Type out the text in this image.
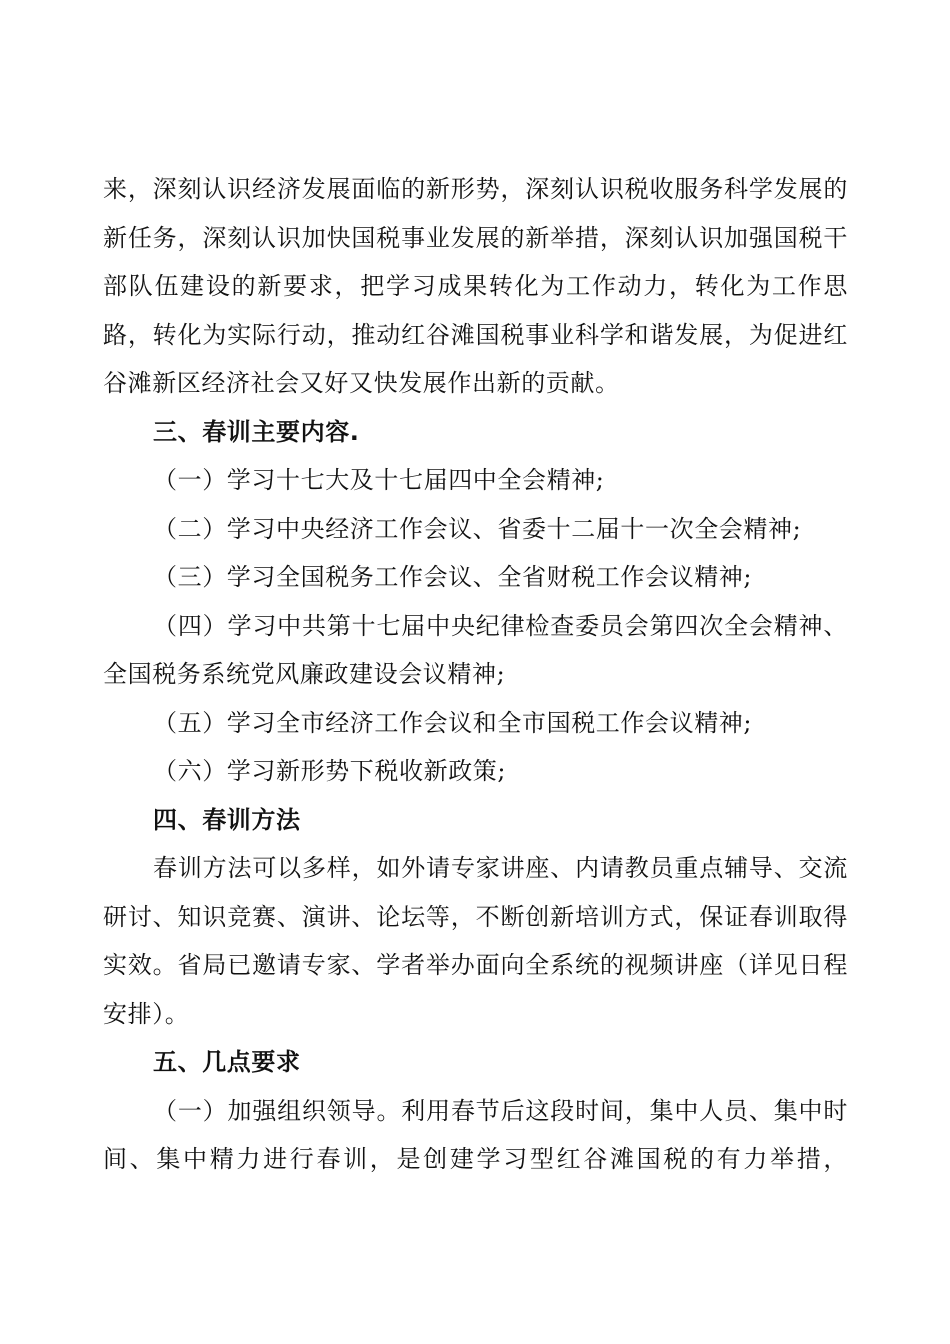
来，深刻认识经济发展面临的新形势，深刻认识税收服务科学发展的新任务，深刻认识加快国税事业发展的新举措，深刻认识加强国税干部队伍建设的新要求，把学习成果转化为工作动力，转化为工作思路，转化为实际行动，推动红谷滩国税事业科学和谐发展，为促进红谷滩新区经济社会又好又快发展作出新的贡献。

三、春训主要内容.

（一）学习十七大及十七届四中全会精神;

（二）学习中央经济工作会议、省委十二届十一次全会精神;

（三）学习全国税务工作会议、全省财税工作会议精神;

（四）学习中共第十七届中央纪律检查委员会第四次全会精神、全国税务系统党风廉政建设会议精神;

（五）学习全市经济工作会议和全市国税工作会议精神;

（六）学习新形势下税收新政策;

四、春训方法

春训方法可以多样，如外请专家讲座、内请教员重点辅导、交流研讨、知识竞赛、演讲、论坛等，不断创新培训方式，保证春训取得实效。省局已邀请专家、学者举办面向全系统的视频讲座（详见日程安排）。

五、几点要求

（一）加强组织领导。利用春节后这段时间，集中人员、集中时间、集中精力进行春训，是创建学习型红谷滩国税的有力举措，
